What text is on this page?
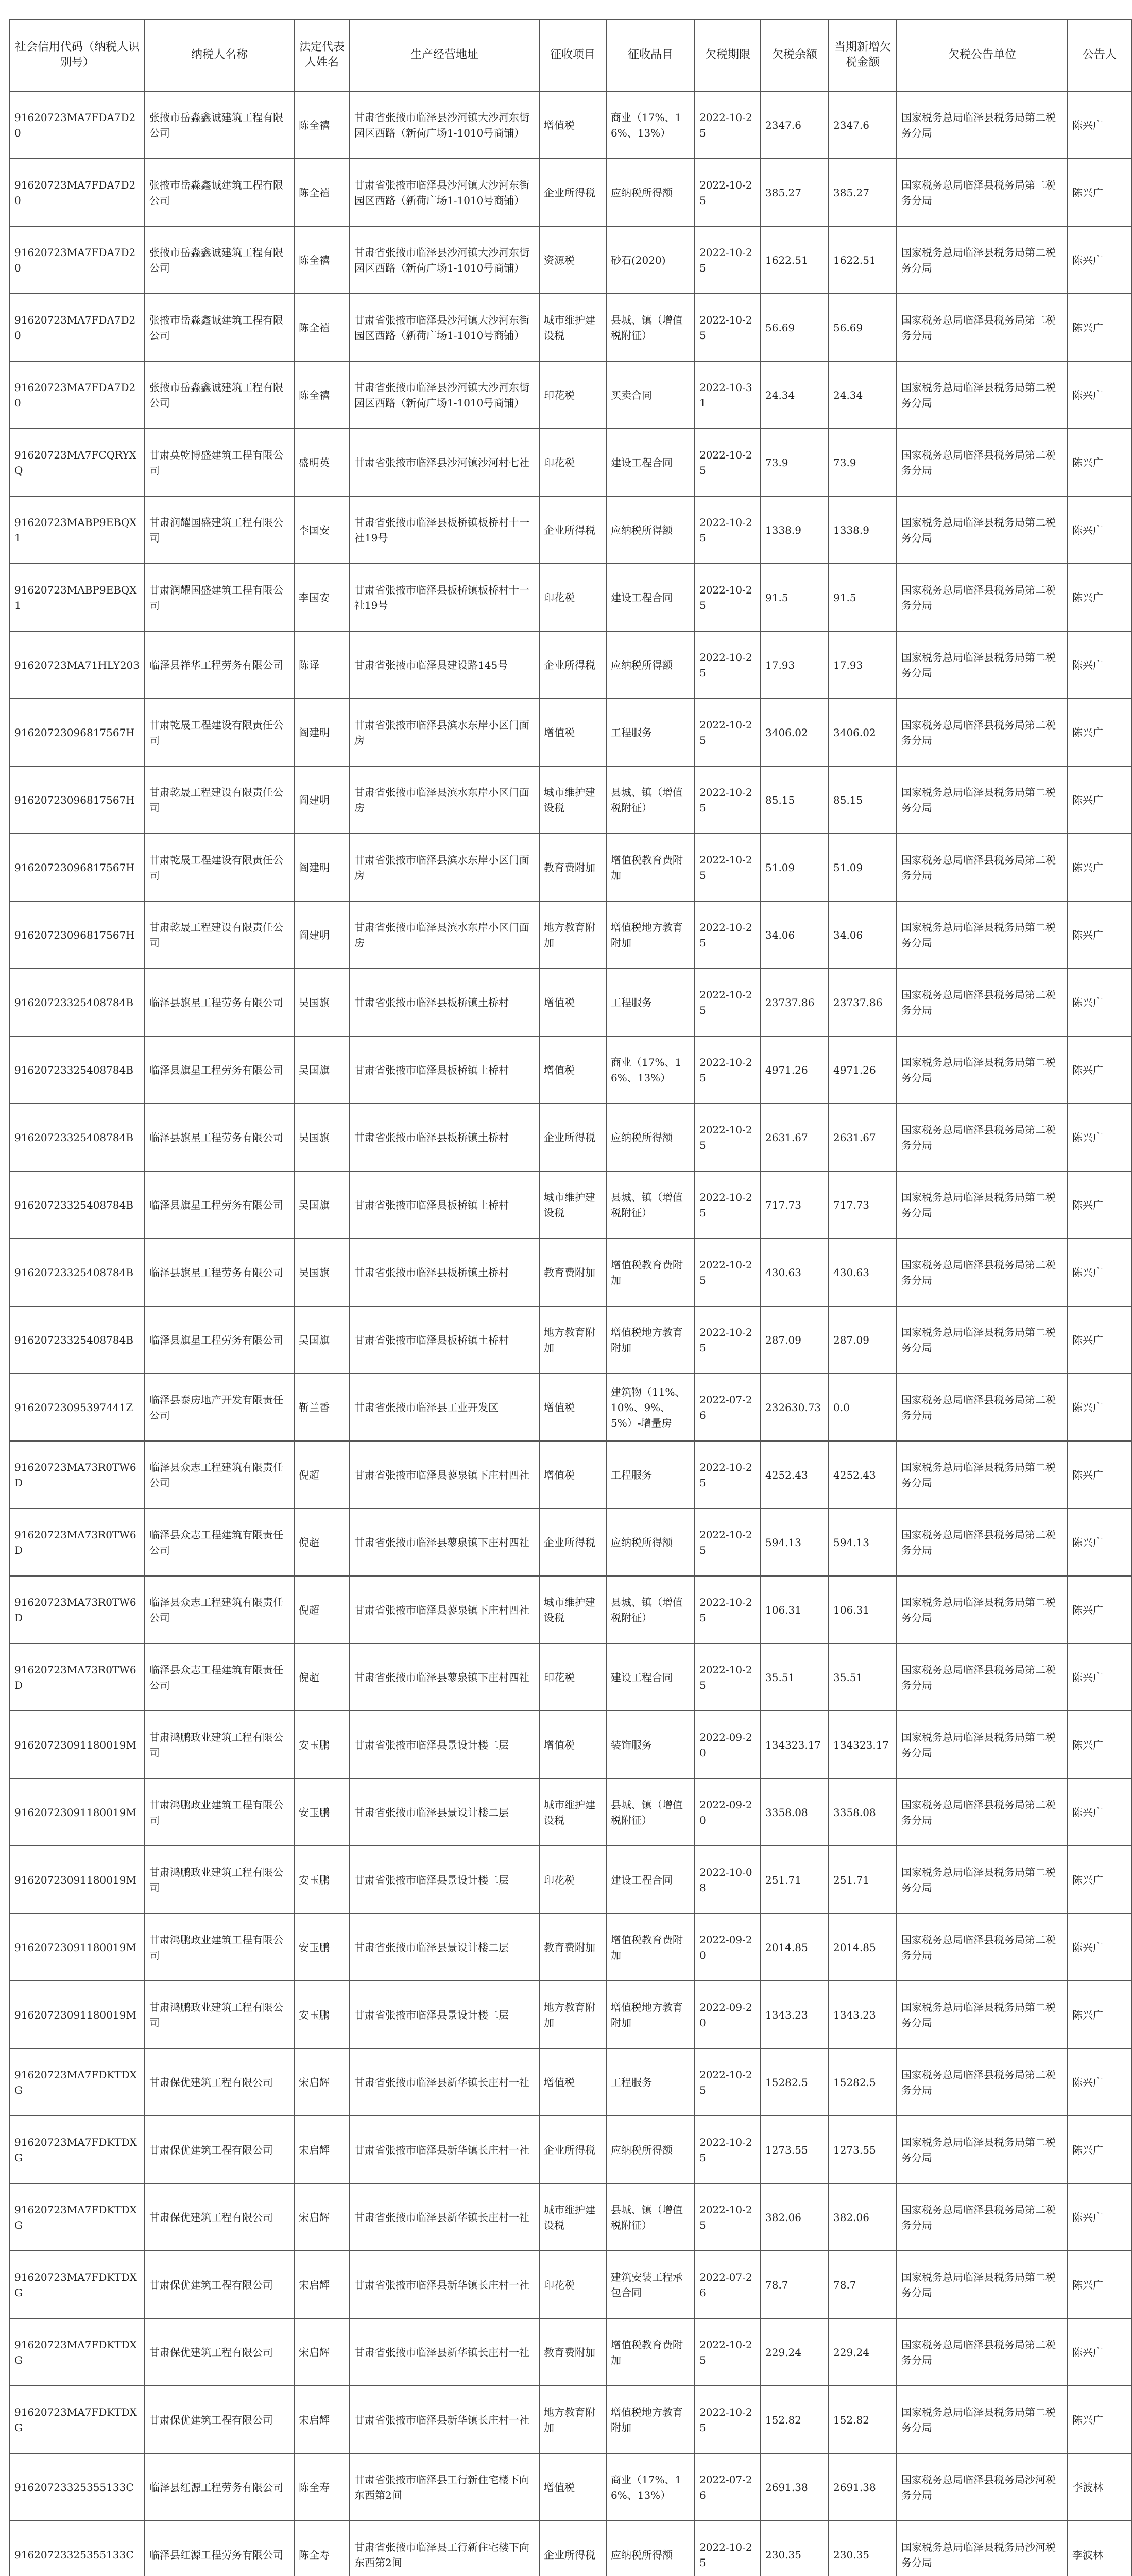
社会信用代码（纳税人识别号）	纳税人名称	法定代表人姓名	生产经营地址	征收项目	征收品目	欠税期限	欠税余额	当期新增欠税金额	欠税公告单位	公告人
91620723MA7FDA7D20	张掖市岳淼鑫诚建筑工程有限公司	陈全禧	甘肃省张掖市临泽县沙河镇大沙河东街园区西路（新荷广场1-1010号商铺）	增值税	商业（17%、16%、13%）	2022-10-25	2347.6	2347.6	国家税务总局临泽县税务局第二税务分局	陈兴广
91620723MA7FDA7D20	张掖市岳淼鑫诚建筑工程有限公司	陈全禧	甘肃省张掖市临泽县沙河镇大沙河东街园区西路（新荷广场1-1010号商铺）	企业所得税	应纳税所得额	2022-10-25	385.27	385.27	国家税务总局临泽县税务局第二税务分局	陈兴广
91620723MA7FDA7D20	张掖市岳淼鑫诚建筑工程有限公司	陈全禧	甘肃省张掖市临泽县沙河镇大沙河东街园区西路（新荷广场1-1010号商铺）	资源税	砂石(2020)	2022-10-25	1622.51	1622.51	国家税务总局临泽县税务局第二税务分局	陈兴广
91620723MA7FDA7D20	张掖市岳淼鑫诚建筑工程有限公司	陈全禧	甘肃省张掖市临泽县沙河镇大沙河东街园区西路（新荷广场1-1010号商铺）	城市维护建设税	县城、镇（增值税附征）	2022-10-25	56.69	56.69	国家税务总局临泽县税务局第二税务分局	陈兴广
91620723MA7FDA7D20	张掖市岳淼鑫诚建筑工程有限公司	陈全禧	甘肃省张掖市临泽县沙河镇大沙河东街园区西路（新荷广场1-1010号商铺）	印花税	买卖合同	2022-10-31	24.34	24.34	国家税务总局临泽县税务局第二税务分局	陈兴广
91620723MA7FCQRYXQ	甘肃莫乾博盛建筑工程有限公司	盛明英	甘肃省张掖市临泽县沙河镇沙河村七社	印花税	建设工程合同	2022-10-25	73.9	73.9	国家税务总局临泽县税务局第二税务分局	陈兴广
91620723MABP9EBQX1	甘肃润耀国盛建筑工程有限公司	李国安	甘肃省张掖市临泽县板桥镇板桥村十一社19号	企业所得税	应纳税所得额	2022-10-25	1338.9	1338.9	国家税务总局临泽县税务局第二税务分局	陈兴广
91620723MABP9EBQX1	甘肃润耀国盛建筑工程有限公司	李国安	甘肃省张掖市临泽县板桥镇板桥村十一社19号	印花税	建设工程合同	2022-10-25	91.5	91.5	国家税务总局临泽县税务局第二税务分局	陈兴广
91620723MA71HLY203	临泽县祥华工程劳务有限公司	陈译	甘肃省张掖市临泽县建设路145号	企业所得税	应纳税所得额	2022-10-25	17.93	17.93	国家税务总局临泽县税务局第二税务分局	陈兴广
91620723096817567H	甘肃乾晟工程建设有限责任公司	阎建明	甘肃省张掖市临泽县滨水东岸小区门面房	增值税	工程服务	2022-10-25	3406.02	3406.02	国家税务总局临泽县税务局第二税务分局	陈兴广
91620723096817567H	甘肃乾晟工程建设有限责任公司	阎建明	甘肃省张掖市临泽县滨水东岸小区门面房	城市维护建设税	县城、镇（增值税附征）	2022-10-25	85.15	85.15	国家税务总局临泽县税务局第二税务分局	陈兴广
91620723096817567H	甘肃乾晟工程建设有限责任公司	阎建明	甘肃省张掖市临泽县滨水东岸小区门面房	教育费附加	增值税教育费附加	2022-10-25	51.09	51.09	国家税务总局临泽县税务局第二税务分局	陈兴广
91620723096817567H	甘肃乾晟工程建设有限责任公司	阎建明	甘肃省张掖市临泽县滨水东岸小区门面房	地方教育附加	增值税地方教育附加	2022-10-25	34.06	34.06	国家税务总局临泽县税务局第二税务分局	陈兴广
91620723325408784B	临泽县旗星工程劳务有限公司	吴国旗	甘肃省张掖市临泽县板桥镇土桥村	增值税	工程服务	2022-10-25	23737.86	23737.86	国家税务总局临泽县税务局第二税务分局	陈兴广
91620723325408784B	临泽县旗星工程劳务有限公司	吴国旗	甘肃省张掖市临泽县板桥镇土桥村	增值税	商业（17%、16%、13%）	2022-10-25	4971.26	4971.26	国家税务总局临泽县税务局第二税务分局	陈兴广
91620723325408784B	临泽县旗星工程劳务有限公司	吴国旗	甘肃省张掖市临泽县板桥镇土桥村	企业所得税	应纳税所得额	2022-10-25	2631.67	2631.67	国家税务总局临泽县税务局第二税务分局	陈兴广
91620723325408784B	临泽县旗星工程劳务有限公司	吴国旗	甘肃省张掖市临泽县板桥镇土桥村	城市维护建设税	县城、镇（增值税附征）	2022-10-25	717.73	717.73	国家税务总局临泽县税务局第二税务分局	陈兴广
91620723325408784B	临泽县旗星工程劳务有限公司	吴国旗	甘肃省张掖市临泽县板桥镇土桥村	教育费附加	增值税教育费附加	2022-10-25	430.63	430.63	国家税务总局临泽县税务局第二税务分局	陈兴广
91620723325408784B	临泽县旗星工程劳务有限公司	吴国旗	甘肃省张掖市临泽县板桥镇土桥村	地方教育附加	增值税地方教育附加	2022-10-25	287.09	287.09	国家税务总局临泽县税务局第二税务分局	陈兴广
91620723095397441Z	临泽县泰房地产开发有限责任公司	靳兰香	甘肃省张掖市临泽县工业开发区	增值税	建筑物（11%、10%、9%、5%）-增量房	2022-07-26	232630.73	0.0	国家税务总局临泽县税务局第二税务分局	陈兴广
91620723MA73R0TW6D	临泽县众志工程建筑有限责任公司	倪超	甘肃省张掖市临泽县蓼泉镇下庄村四社	增值税	工程服务	2022-10-25	4252.43	4252.43	国家税务总局临泽县税务局第二税务分局	陈兴广
91620723MA73R0TW6D	临泽县众志工程建筑有限责任公司	倪超	甘肃省张掖市临泽县蓼泉镇下庄村四社	企业所得税	应纳税所得额	2022-10-25	594.13	594.13	国家税务总局临泽县税务局第二税务分局	陈兴广
91620723MA73R0TW6D	临泽县众志工程建筑有限责任公司	倪超	甘肃省张掖市临泽县蓼泉镇下庄村四社	城市维护建设税	县城、镇（增值税附征）	2022-10-25	106.31	106.31	国家税务总局临泽县税务局第二税务分局	陈兴广
91620723MA73R0TW6D	临泽县众志工程建筑有限责任公司	倪超	甘肃省张掖市临泽县蓼泉镇下庄村四社	印花税	建设工程合同	2022-10-25	35.51	35.51	国家税务总局临泽县税务局第二税务分局	陈兴广
91620723091180019M	甘肃鸿鹏政业建筑工程有限公司	安玉鹏	甘肃省张掖市临泽县景设计楼二层	增值税	装饰服务	2022-09-20	134323.17	134323.17	国家税务总局临泽县税务局第二税务分局	陈兴广
91620723091180019M	甘肃鸿鹏政业建筑工程有限公司	安玉鹏	甘肃省张掖市临泽县景设计楼二层	城市维护建设税	县城、镇（增值税附征）	2022-09-20	3358.08	3358.08	国家税务总局临泽县税务局第二税务分局	陈兴广
91620723091180019M	甘肃鸿鹏政业建筑工程有限公司	安玉鹏	甘肃省张掖市临泽县景设计楼二层	印花税	建设工程合同	2022-10-08	251.71	251.71	国家税务总局临泽县税务局第二税务分局	陈兴广
91620723091180019M	甘肃鸿鹏政业建筑工程有限公司	安玉鹏	甘肃省张掖市临泽县景设计楼二层	教育费附加	增值税教育费附加	2022-09-20	2014.85	2014.85	国家税务总局临泽县税务局第二税务分局	陈兴广
91620723091180019M	甘肃鸿鹏政业建筑工程有限公司	安玉鹏	甘肃省张掖市临泽县景设计楼二层	地方教育附加	增值税地方教育附加	2022-09-20	1343.23	1343.23	国家税务总局临泽县税务局第二税务分局	陈兴广
91620723MA7FDKTDXG	甘肃保优建筑工程有限公司	宋启辉	甘肃省张掖市临泽县新华镇长庄村一社	增值税	工程服务	2022-10-25	15282.5	15282.5	国家税务总局临泽县税务局第二税务分局	陈兴广
91620723MA7FDKTDXG	甘肃保优建筑工程有限公司	宋启辉	甘肃省张掖市临泽县新华镇长庄村一社	企业所得税	应纳税所得额	2022-10-25	1273.55	1273.55	国家税务总局临泽县税务局第二税务分局	陈兴广
91620723MA7FDKTDXG	甘肃保优建筑工程有限公司	宋启辉	甘肃省张掖市临泽县新华镇长庄村一社	城市维护建设税	县城、镇（增值税附征）	2022-10-25	382.06	382.06	国家税务总局临泽县税务局第二税务分局	陈兴广
91620723MA7FDKTDXG	甘肃保优建筑工程有限公司	宋启辉	甘肃省张掖市临泽县新华镇长庄村一社	印花税	建筑安装工程承包合同	2022-07-26	78.7	78.7	国家税务总局临泽县税务局第二税务分局	陈兴广
91620723MA7FDKTDXG	甘肃保优建筑工程有限公司	宋启辉	甘肃省张掖市临泽县新华镇长庄村一社	教育费附加	增值税教育费附加	2022-10-25	229.24	229.24	国家税务总局临泽县税务局第二税务分局	陈兴广
91620723MA7FDKTDXG	甘肃保优建筑工程有限公司	宋启辉	甘肃省张掖市临泽县新华镇长庄村一社	地方教育附加	增值税地方教育附加	2022-10-25	152.82	152.82	国家税务总局临泽县税务局第二税务分局	陈兴广
91620723325355133C	临泽县红源工程劳务有限公司	陈全寿	甘肃省张掖市临泽县工行新住宅楼下向东西第2间	增值税	商业（17%、16%、13%）	2022-07-26	2691.38	2691.38	国家税务总局临泽县税务局沙河税务分局	李波林
91620723325355133C	临泽县红源工程劳务有限公司	陈全寿	甘肃省张掖市临泽县工行新住宅楼下向东西第2间	企业所得税	应纳税所得额	2022-10-25	230.35	230.35	国家税务总局临泽县税务局沙河税务分局	李波林
